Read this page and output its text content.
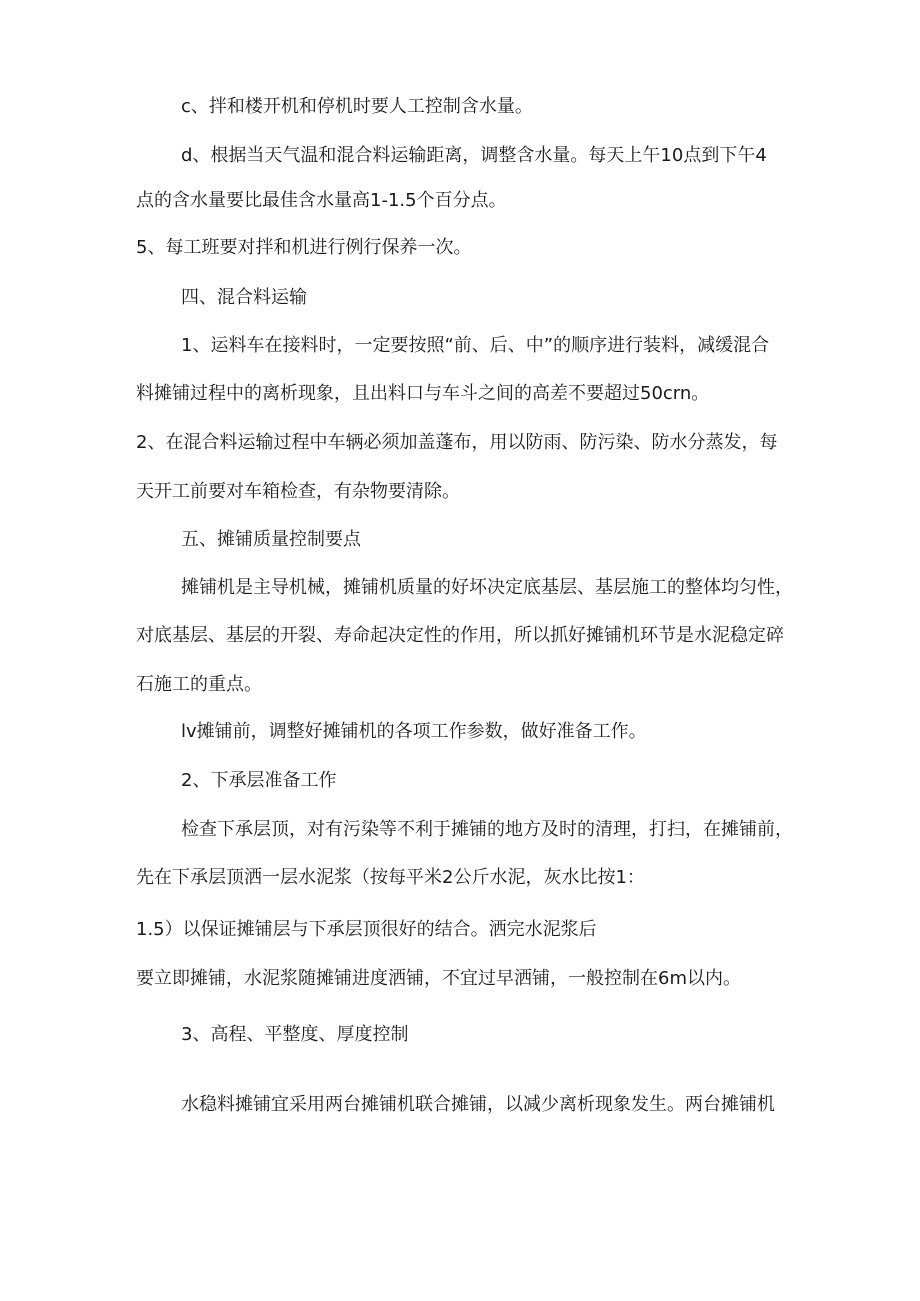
c、拌和楼开机和停机时要人工控制含水量。

d、根据当天气温和混合料运输距离，调整含水量。每天上午10点到下午4

点的含水量要比最佳含水量高1-1.5个百分点。

5、每工班要对拌和机进行例行保养一次。

四、混合料运输

1、运料车在接料时，一定要按照“前、后、中”的顺序进行装料，减缓混合

料摊铺过程中的离析现象，且出料口与车斗之间的高差不要超过50crn。

2、在混合料运输过程中车辆必须加盖蓬布，用以防雨、防污染、防水分蒸发，每

天开工前要对车箱检查，有杂物要清除。

五、摊铺质量控制要点

摊铺机是主导机械，摊铺机质量的好坏决定底基层、基层施工的整体均匀性，

对底基层、基层的开裂、寿命起决定性的作用，所以抓好摊铺机环节是水泥稳定碎

石施工的重点。

lv摊铺前，调整好摊铺机的各项工作参数，做好准备工作。

2、下承层准备工作

检查下承层顶，对有污染等不利于摊铺的地方及时的清理，打扫，在摊铺前，

先在下承层顶洒一层水泥浆（按每平米2公斤水泥，灰水比按1：

1.5）以保证摊铺层与下承层顶很好的结合。洒完水泥浆后

要立即摊铺，水泥浆随摊铺进度洒铺，不宜过早洒铺，一般控制在6m以内。

3、高程、平整度、厚度控制

水稳料摊铺宜采用两台摊铺机联合摊铺，以减少离析现象发生。两台摊铺机
